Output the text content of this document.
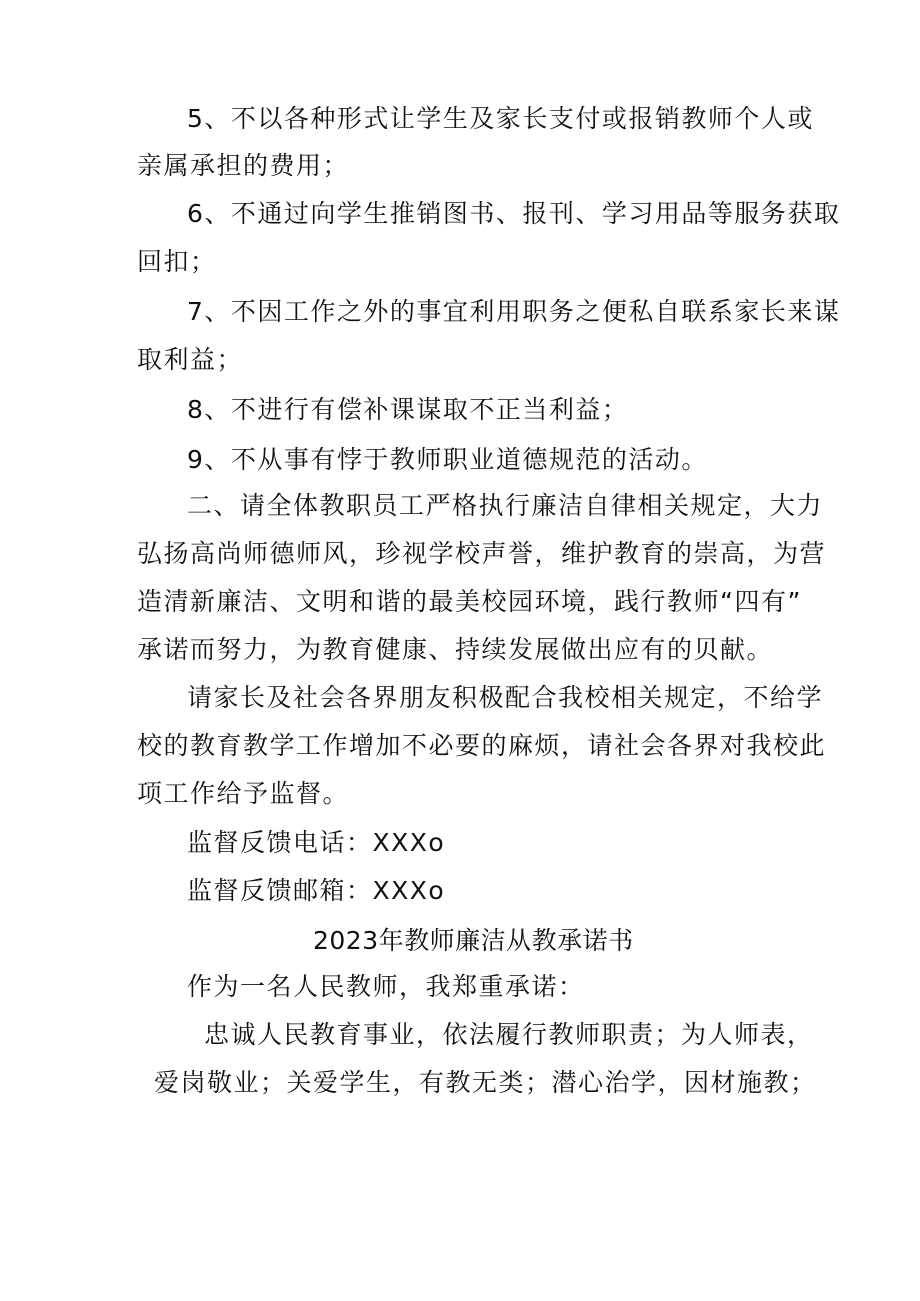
5、不以各种形式让学生及家长支付或报销教师个人或
亲属承担的费用；
6、不通过向学生推销图书、报刊、学习用品等服务获取
回扣；
7、不因工作之外的事宜利用职务之便私自联系家长来谋
取利益；
8、不进行有偿补课谋取不正当利益；
9、不从事有悖于教师职业道德规范的活动。
二、请全体教职员工严格执行廉洁自律相关规定，大力
弘扬高尚师德师风，珍视学校声誉，维护教育的崇高，为营
造清新廉洁、文明和谐的最美校园环境，践行教师“四有”
承诺而努力，为教育健康、持续发展做出应有的贝献。
请家长及社会各界朋友积极配合我校相关规定，不给学
校的教育教学工作增加不必要的麻烦，请社会各界对我校此
项工作给予监督。
监督反馈电话：XXXo
监督反馈邮箱：XXXo
2023年教师廉洁从教承诺书
作为一名人民教师，我郑重承诺：
忠诚人民教育事业，依法履行教师职责；为人师表，
爱岗敬业；关爱学生，有教无类；潜心治学，因材施教；
